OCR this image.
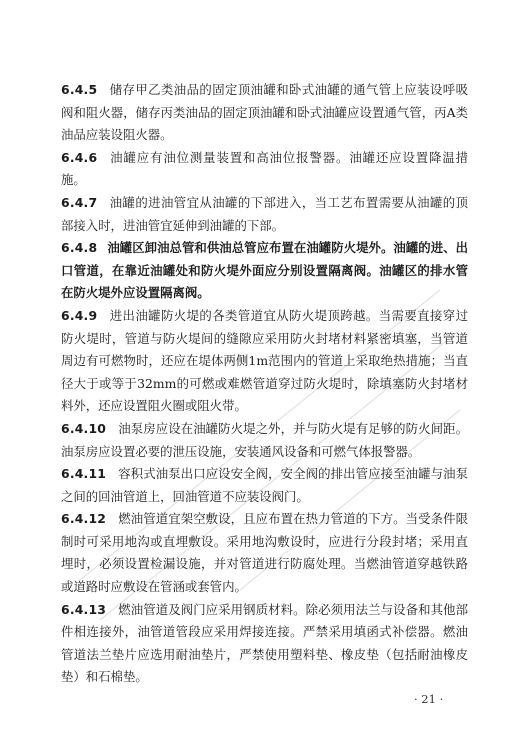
6.4.5 储存甲乙类油品的固定顶油罐和卧式油罐的通气管上应装设呼吸阀和阻火器，储存丙类油品的固定顶油罐和卧式油罐应设置通气管，丙A类油品应装设阻火器。

6.4.6 油罐应有油位测量装置和高油位报警器。油罐还应设置降温措施。

6.4.7 油罐的进油管宜从油罐的下部进入，当工艺布置需要从油罐的顶部接入时，进油管宜延伸到油罐的下部。

6.4.8 油罐区卸油总管和供油总管应布置在油罐防火堤外。油罐的进、出口管道，在靠近油罐处和防火堤外面应分别设置隔离阀。油罐区的排水管在防火堤外应设置隔离阀。

6.4.9 进出油罐防火堤的各类管道宜从防火堤顶跨越。当需要直接穿过防火堤时，管道与防火堤间的缝隙应采用防火封堵材料紧密填塞，当管道周边有可燃物时，还应在堤体两侧1m范围内的管道上采取绝热措施；当直径大于或等于32mm的可燃或难燃管道穿过防火堤时，除填塞防火封堵材料外，还应设置阻火圈或阻火带。

6.4.10 油泵房应设在油罐防火堤之外，并与防火堤有足够的防火间距。油泵房应设置必要的泄压设施，安装通风设备和可燃气体报警器。

6.4.11 容积式油泵出口应设安全阀，安全阀的排出管应接至油罐与油泵之间的回油管道上，回油管道不应装设阀门。

6.4.12 燃油管道宜架空敷设，且应布置在热力管道的下方。当受条件限制时可采用地沟或直埋敷设。采用地沟敷设时，应进行分段封堵；采用直埋时，必须设置检漏设施，并对管道进行防腐处理。当燃油管道穿越铁路或道路时应敷设在管涵或套管内。

6.4.13 燃油管道及阀门应采用钢质材料。除必须用法兰与设备和其他部件相连接外，油管道管段应采用焊接连接。严禁采用填函式补偿器。燃油管道法兰垫片应选用耐油垫片，严禁使用塑料垫、橡皮垫（包括耐油橡皮垫）和石棉垫。

· 21 ·
